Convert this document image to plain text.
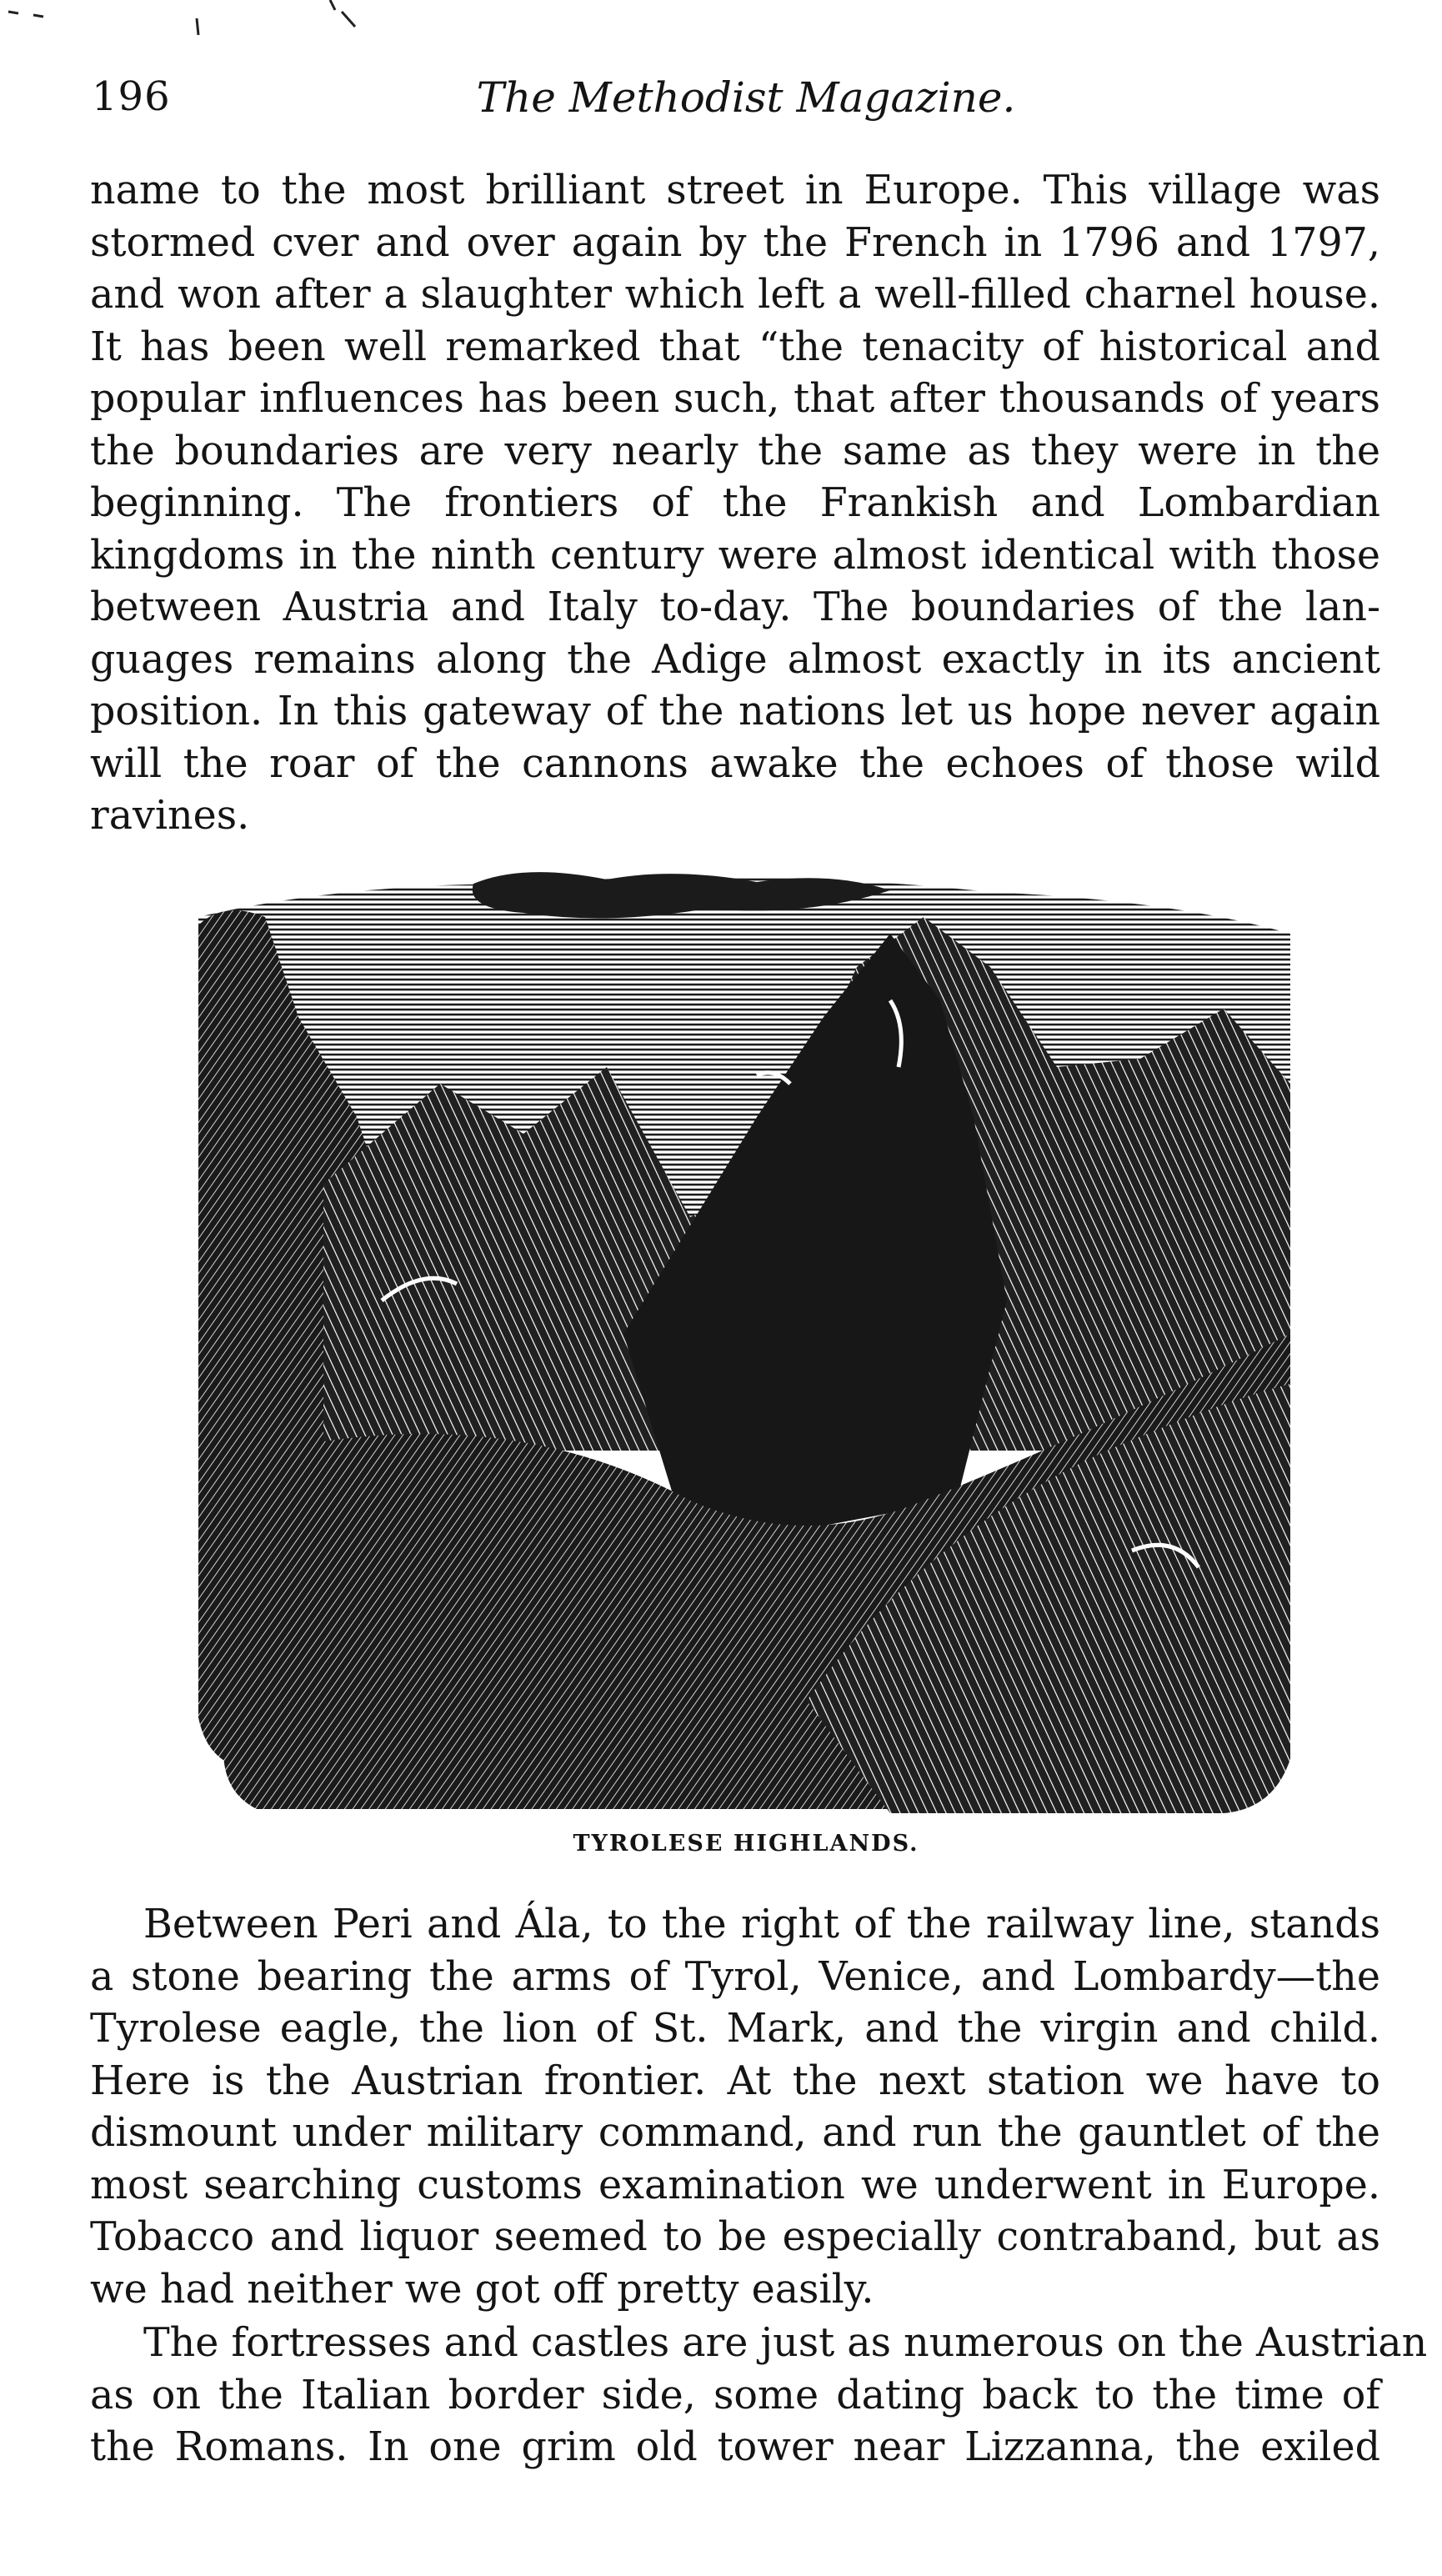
196	The Methodist Magazine.
name to the most brilliant street in Europe. This village was
stormed cver and over again by the French in 1796 and 1797,
and won after a slaughter which left a well-filled charnel house.
It has been well remarked that “the tenacity of historical and
popular influences has been such, that after thousands of years
the boundaries are very nearly the same as they were in the
beginning. The frontiers of the Frankish and Lombardian
kingdoms in the ninth century were almost identical with those
between Austria and Italy to-day. The boundaries of the lan-
guages remains along the Adige almost exactly in its ancient
position. In this gateway of the nations let us hope never again
will the roar of the cannons awake the echoes of those wild
ravines.
TYROLESE HIGHLANDS.
Between Peri and Ála, to the right of the railway line, stands
a stone bearing the arms of Tyrol, Venice, and Lombardy—the
Tyrolese eagle, the lion of St. Mark, and the virgin and child.
Here is the Austrian frontier. At the next station we have to
dismount under military command, and run the gauntlet of the
most searching customs examination we underwent in Europe.
Tobacco and liquor seemed to be especially contraband, but as
we had neither we got off pretty easily.
The fortresses and castles are just as numerous on the Austrian
as on the Italian border side, some dating back to the time of
the Romans. In one grim old tower near Lizzanna, the exiled
